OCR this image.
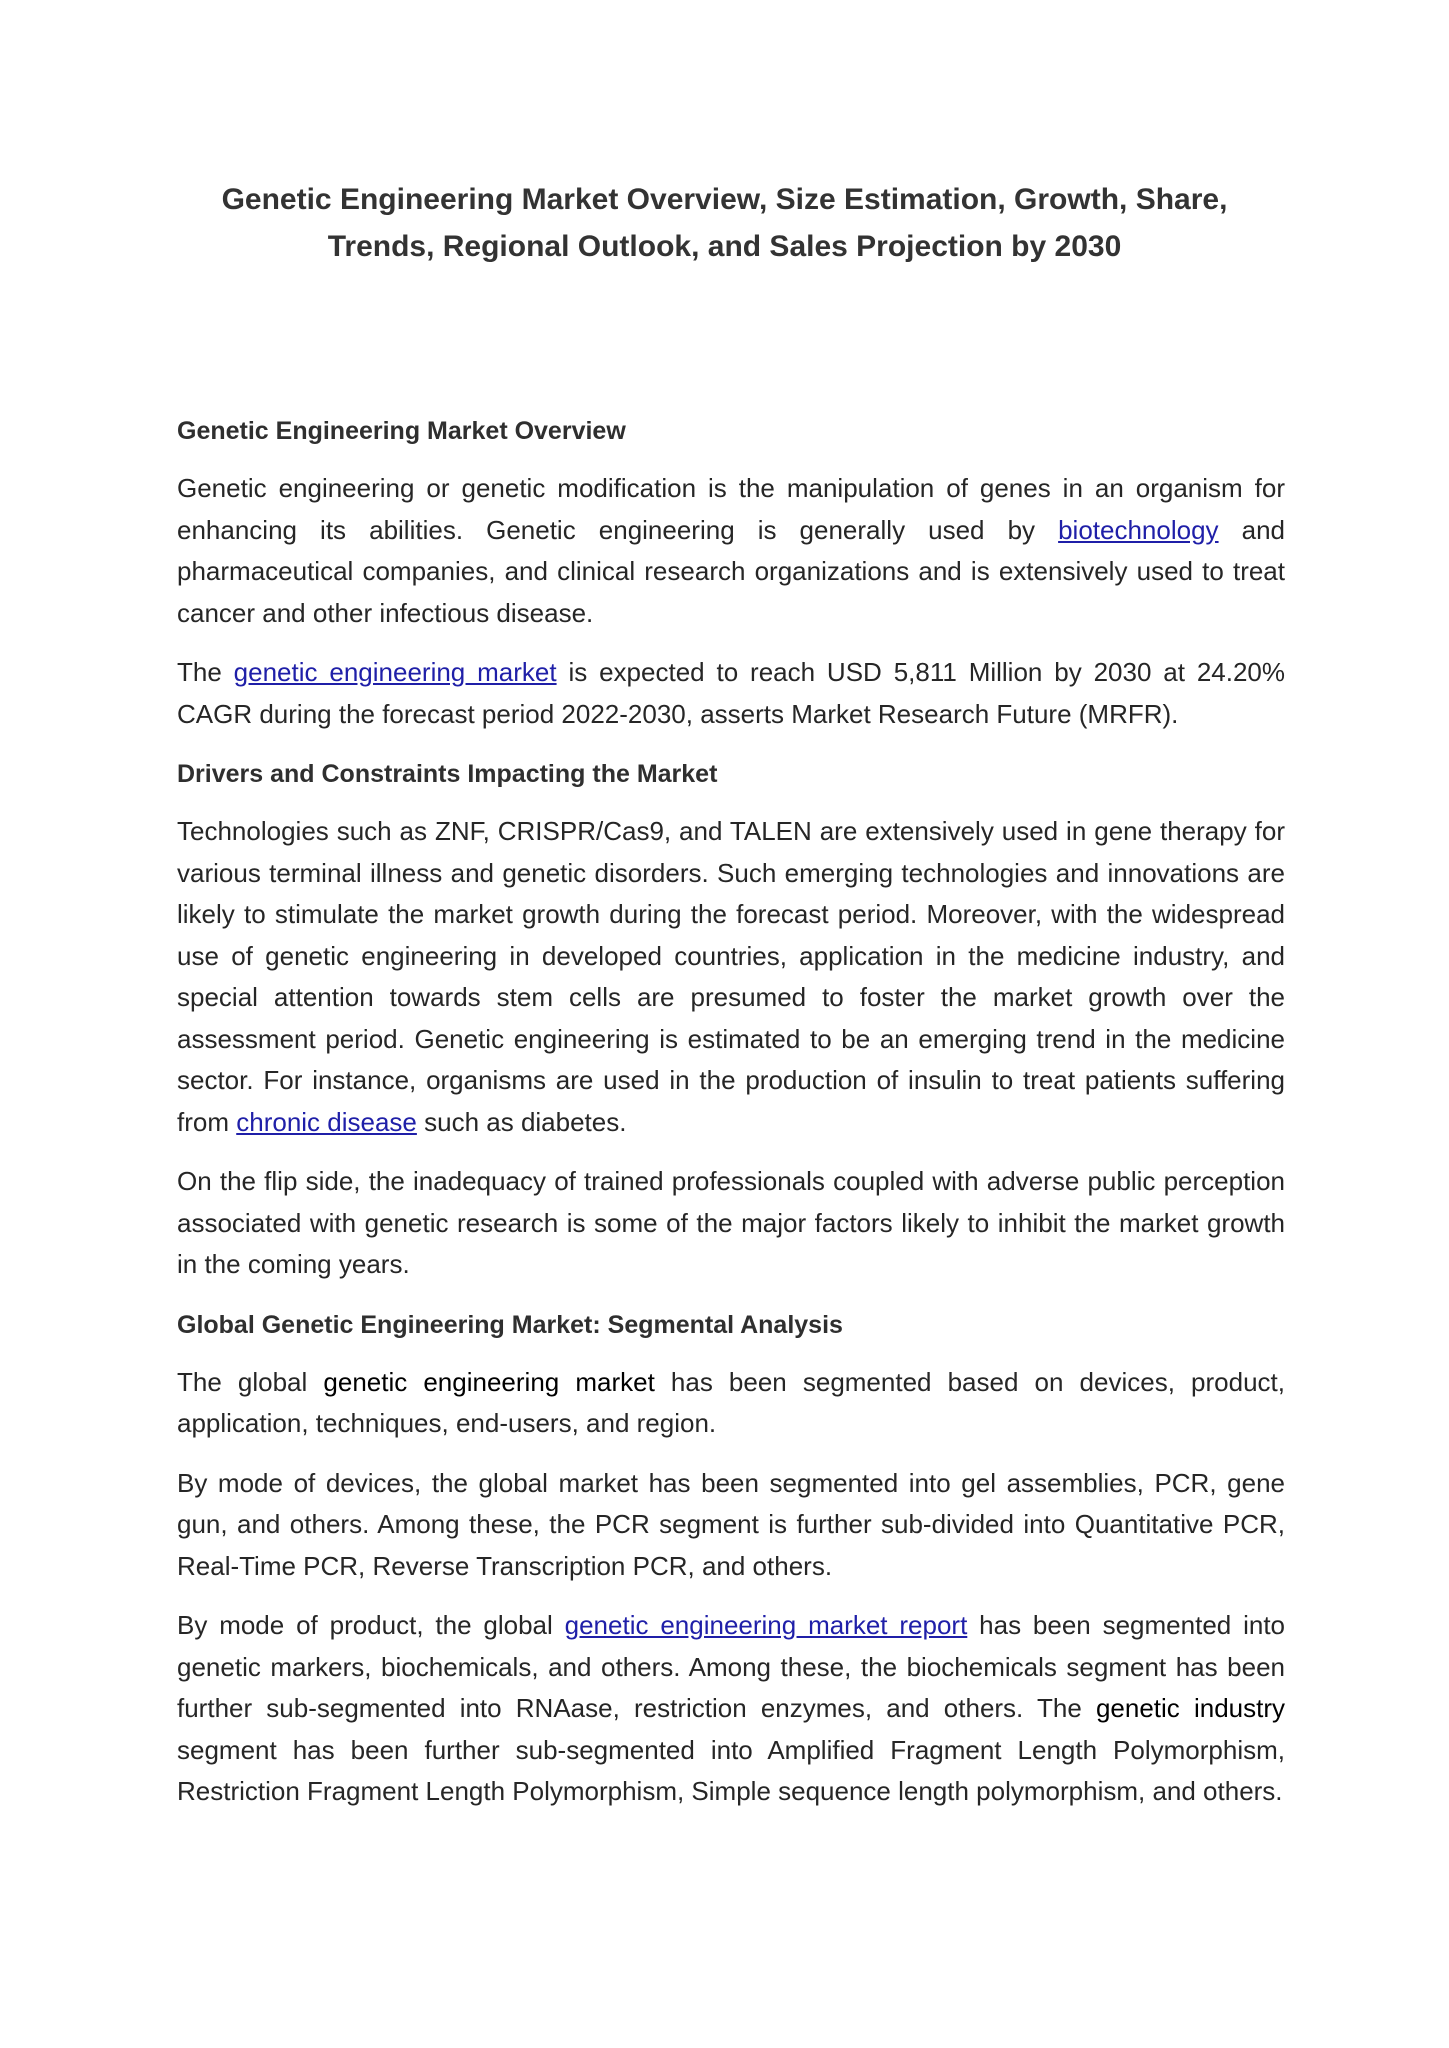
Genetic Engineering Market Overview, Size Estimation, Growth, Share,
Trends, Regional Outlook, and Sales Projection by 2030
Genetic Engineering Market Overview

Genetic engineering or genetic modification is the manipulation of genes in an organism for enhancing its abilities. Genetic engineering is generally used by biotechnology and pharmaceutical companies, and clinical research organizations and is extensively used to treat cancer and other infectious disease.

The genetic engineering market is expected to reach USD 5,811 Million by 2030 at 24.20% CAGR during the forecast period 2022-2030, asserts Market Research Future (MRFR).

Drivers and Constraints Impacting the Market

Technologies such as ZNF, CRISPR/Cas9, and TALEN are extensively used in gene therapy for various terminal illness and genetic disorders. Such emerging technologies and innovations are likely to stimulate the market growth during the forecast period. Moreover, with the widespread use of genetic engineering in developed countries, application in the medicine industry, and special attention towards stem cells are presumed to foster the market growth over the assessment period. Genetic engineering is estimated to be an emerging trend in the medicine sector. For instance, organisms are used in the production of insulin to treat patients suffering from chronic disease such as diabetes.

On the flip side, the inadequacy of trained professionals coupled with adverse public perception associated with genetic research is some of the major factors likely to inhibit the market growth in the coming years.

Global Genetic Engineering Market: Segmental Analysis

The global genetic engineering market has been segmented based on devices, product, application, techniques, end-users, and region.

By mode of devices, the global market has been segmented into gel assemblies, PCR, gene gun, and others. Among these, the PCR segment is further sub-divided into Quantitative PCR, Real-Time PCR, Reverse Transcription PCR, and others.

By mode of product, the global genetic engineering market report has been segmented into genetic markers, biochemicals, and others. Among these, the biochemicals segment has been further sub-segmented into RNAase, restriction enzymes, and others. The genetic industry segment has been further sub-segmented into Amplified Fragment Length Polymorphism, Restriction Fragment Length Polymorphism, Simple sequence length polymorphism, and others.
